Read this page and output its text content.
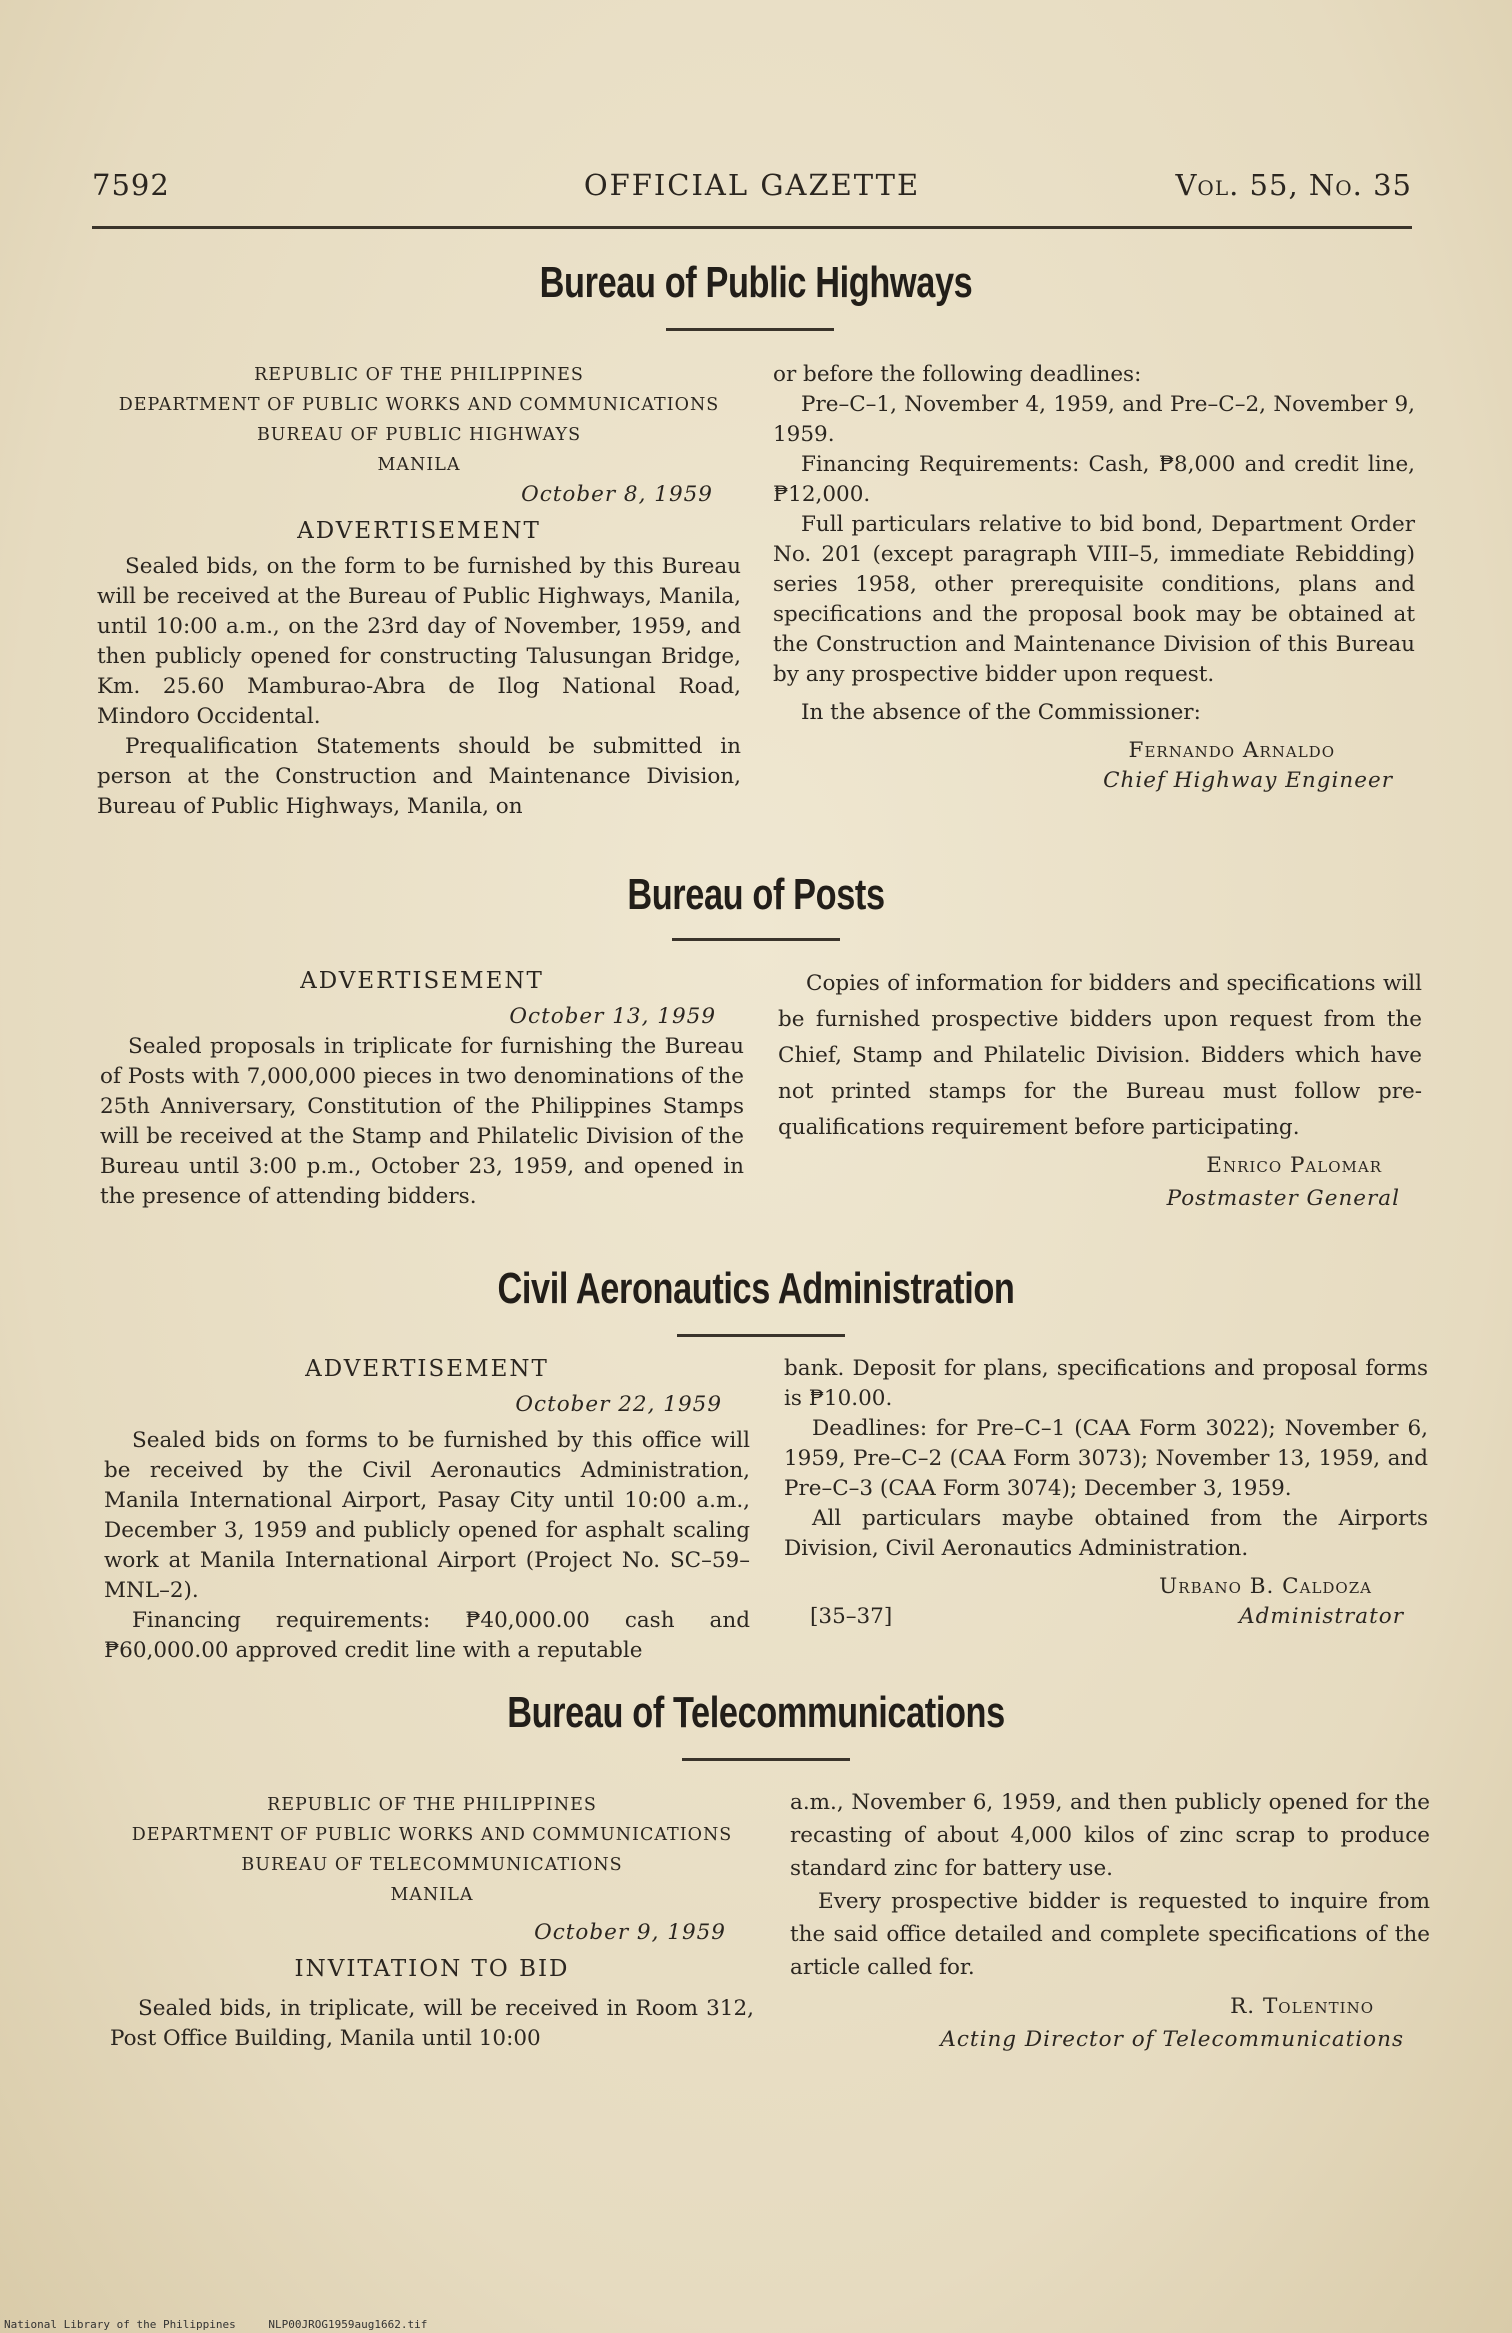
7592	OFFICIAL GAZETTE	Vol. 55, No. 35
Bureau of Public Highways
REPUBLIC OF THE PHILIPPINES
DEPARTMENT OF PUBLIC WORKS AND COMMUNICATIONS
BUREAU OF PUBLIC HIGHWAYS
MANILA
October 8, 1959
ADVERTISEMENT

Sealed bids, on the form to be furnished by this Bureau will be received at the Bureau of Public Highways, Manila, until 10:00 a.m., on the 23rd day of November, 1959, and then publicly opened for constructing Talusungan Bridge, Km. 25.60 Mamburao-Abra de Ilog National Road, Mindoro Occidental.

Prequalification Statements should be submitted in person at the Construction and Maintenance Division, Bureau of Public Highways, Manila, on

or before the following deadlines:

Pre–C–1, November 4, 1959, and Pre–C–2, November 9, 1959.

Financing Requirements: Cash, ₱8,000 and credit line, ₱12,000.

Full particulars relative to bid bond, Department Order No. 201 (except paragraph VIII–5, immediate Rebidding) series 1958, other prerequisite conditions, plans and specifications and the proposal book may be obtained at the Construction and Maintenance Division of this Bureau by any prospective bidder upon request.

In the absence of the Commissioner:

Fernando Arnaldo
Chief Highway Engineer
Bureau of Posts
ADVERTISEMENT
October 13, 1959

Sealed proposals in triplicate for furnishing the Bureau of Posts with 7,000,000 pieces in two denominations of the 25th Anniversary, Constitution of the Philippines Stamps will be received at the Stamp and Philatelic Division of the Bureau until 3:00 p.m., October 23, 1959, and opened in the presence of attending bidders.

Copies of information for bidders and specifications will be furnished prospective bidders upon request from the Chief, Stamp and Philatelic Division. Bidders which have not printed stamps for the Bureau must follow pre-qualifications requirement before participating.

Enrico Palomar
Postmaster General
Civil Aeronautics Administration
ADVERTISEMENT
October 22, 1959

Sealed bids on forms to be furnished by this office will be received by the Civil Aeronautics Administration, Manila International Airport, Pasay City until 10:00 a.m., December 3, 1959 and publicly opened for asphalt scaling work at Manila International Airport (Project No. SC–59–MNL–2).

Financing requirements: ₱40,000.00 cash and ₱60,000.00 approved credit line with a reputable

bank. Deposit for plans, specifications and proposal forms is ₱10.00.

Deadlines: for Pre–C–1 (CAA Form 3022); November 6, 1959, Pre–C–2 (CAA Form 3073); November 13, 1959, and Pre–C–3 (CAA Form 3074); December 3, 1959.

All particulars maybe obtained from the Airports Division, Civil Aeronautics Administration.

Urbano B. Caldoza
[35–37]	Administrator
Bureau of Telecommunications
REPUBLIC OF THE PHILIPPINES
DEPARTMENT OF PUBLIC WORKS AND COMMUNICATIONS
BUREAU OF TELECOMMUNICATIONS
MANILA
October 9, 1959
INVITATION TO BID

Sealed bids, in triplicate, will be received in Room 312, Post Office Building, Manila until 10:00

a.m., November 6, 1959, and then publicly opened for the recasting of about 4,000 kilos of zinc scrap to produce standard zinc for battery use.

Every prospective bidder is requested to inquire from the said office detailed and complete specifications of the article called for.

R. Tolentino
Acting Director of Telecommunications
National Library of the Philippines	NLP00JROG1959aug1662.tif
